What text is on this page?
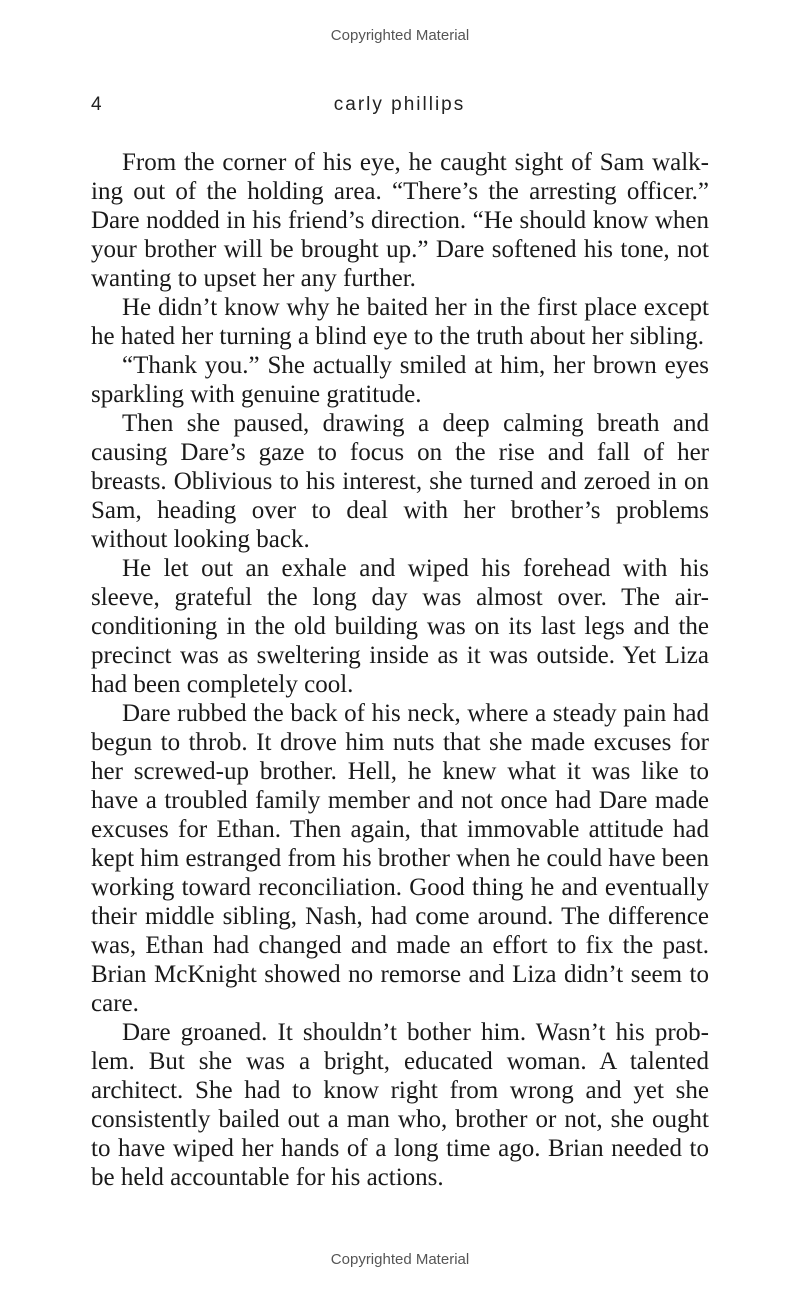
Copyrighted Material
4	carly phillips

From the corner of his eye, he caught sight of Sam walking out of the holding area. “There’s the arresting officer.” Dare nodded in his friend’s direction. “He should know when your brother will be brought up.” Dare softened his tone, not wanting to upset her any further.

He didn’t know why he baited her in the first place except he hated her turning a blind eye to the truth about her sibling.

“Thank you.” She actually smiled at him, her brown eyes sparkling with genuine gratitude.

Then she paused, drawing a deep calming breath and causing Dare’s gaze to focus on the rise and fall of her breasts. Oblivious to his interest, she turned and zeroed in on Sam, heading over to deal with her brother’s problems without looking back.

He let out an exhale and wiped his forehead with his sleeve, grateful the long day was almost over. The air-​conditioning in the old building was on its last legs and the precinct was as sweltering inside as it was outside. Yet Liza had been completely cool.

Dare rubbed the back of his neck, where a steady pain had begun to throb. It drove him nuts that she made excuses for her screwed-up brother. Hell, he knew what it was like to have a troubled family member and not once had Dare made excuses for Ethan. Then again, that immovable attitude had kept him estranged from his brother when he could have been working toward reconciliation. Good thing he and eventually their middle sibling, Nash, had come around. The difference was, Ethan had changed and made an effort to fix the past. Brian McKnight showed no remorse and Liza didn’t seem to care.

Dare groaned. It shouldn’t bother him. Wasn’t his problem. But she was a bright, educated woman. A talented architect. She had to know right from wrong and yet she consistently bailed out a man who, brother or not, she ought to have wiped her hands of a long time ago. Brian needed to be held accountable for his actions.

Copyrighted Material
